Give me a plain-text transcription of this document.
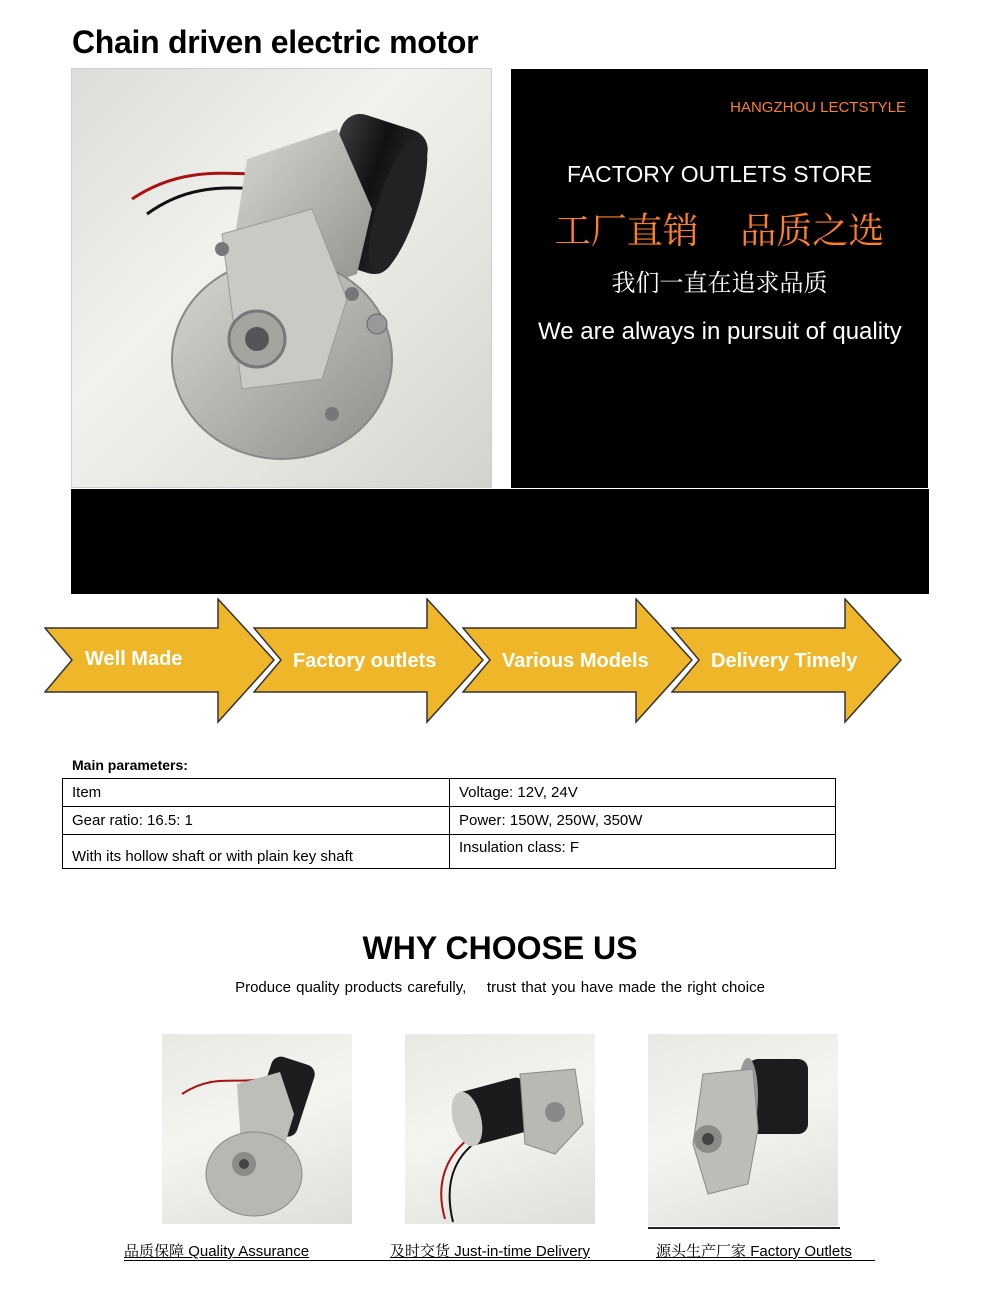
Chain driven electric motor
HANGZHOU LECTSTYLE
FACTORY OUTLETS STORE
工厂直销 品质之选
我们一直在追求品质
We are always in pursuit of quality
Well Made	Factory outlets	Various Models	Delivery Timely
Main parameters:
Item	Voltage: 12V, 24V
Gear ratio: 16.5: 1	Power: 150W, 250W, 350W
With its hollow shaft or with plain key shaft	Insulation class: F
WHY CHOOSE US
Produce quality products carefully,    trust that you have made the right choice
品质保障 Quality Assurance	及时交货 Just-in-time Delivery	源头生产厂家 Factory Outlets
